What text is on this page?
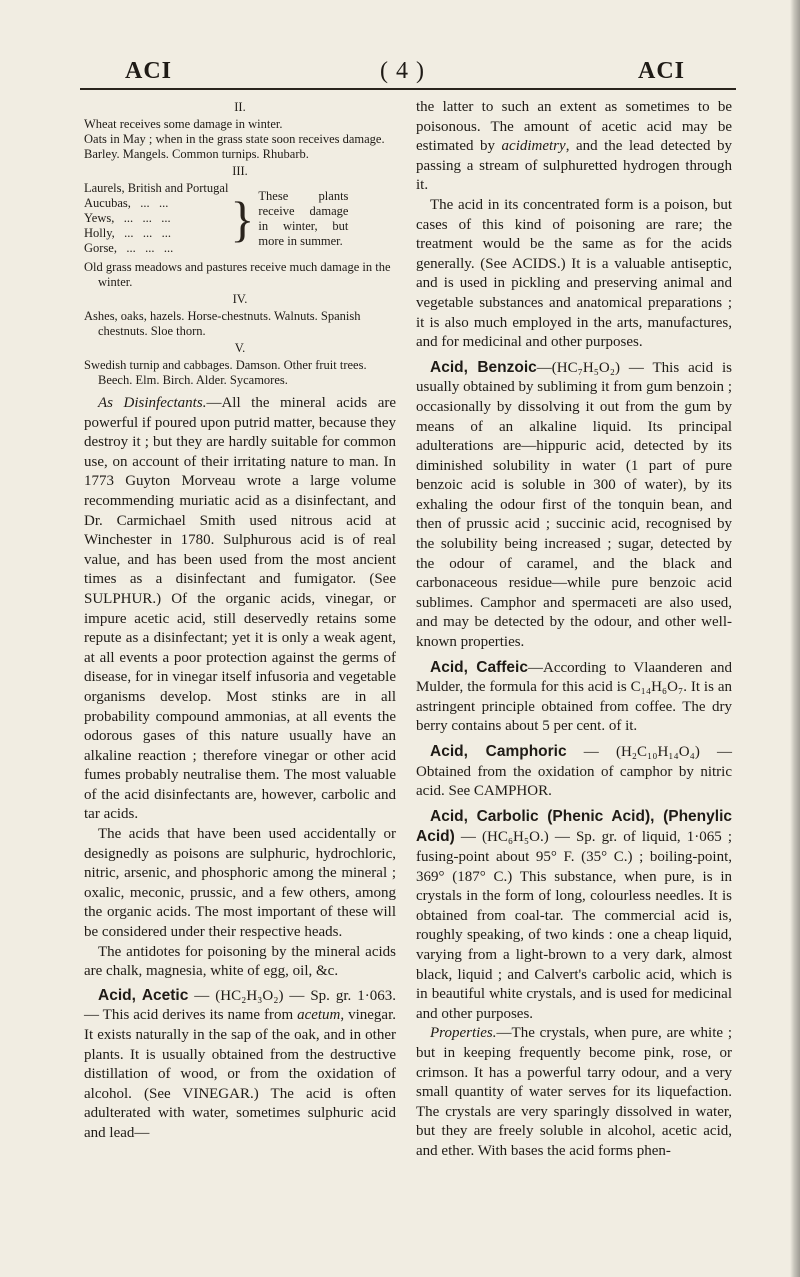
ACI	( 4 )	ACI

II.

Wheat receives some damage in winter.

Oats in May ; when in the grass state soon receives damage.

Barley. Mangels. Common turnips. Rhubarb.

III.

Laurels, British and Portugal
Aucubas,   ...   ...
Yews,   ...   ...   ...
Holly,   ...   ...   ...
Gorse,   ...   ...   ...
} These plants receive damage in winter, but more in summer.

Old grass meadows and pastures receive much damage in the winter.

IV.

Ashes, oaks, hazels. Horse-chestnuts. Walnuts. Spanish chestnuts. Sloe thorn.

V.

Swedish turnip and cabbages. Damson. Other fruit trees. Beech. Elm. Birch. Alder. Sycamores.

As Disinfectants.—All the mineral acids are powerful if poured upon putrid matter, because they destroy it ; but they are hardly suitable for common use, on account of their irritating nature to man. In 1773 Guyton Morveau wrote a large volume recommending muriatic acid as a disinfectant, and Dr. Carmichael Smith used nitrous acid at Winchester in 1780. Sulphurous acid is of real value, and has been used from the most ancient times as a disinfectant and fumigator. (See SULPHUR.) Of the organic acids, vinegar, or impure acetic acid, still deservedly retains some repute as a disinfectant; yet it is only a weak agent, at all events a poor protection against the germs of disease, for in vinegar itself infusoria and vegetable organisms develop. Most stinks are in all probability compound ammonias, at all events the odorous gases of this nature usually have an alkaline reaction ; therefore vinegar or other acid fumes probably neutralise them. The most valuable of the acid disinfectants are, however, carbolic and tar acids.

The acids that have been used accidentally or designedly as poisons are sulphuric, hydrochloric, nitric, arsenic, and phosphoric among the mineral ; oxalic, meconic, prussic, and a few others, among the organic acids. The most important of these will be considered under their respective heads.

The antidotes for poisoning by the mineral acids are chalk, magnesia, white of egg, oil, &c.

Acid, Acetic — (HC₂H₃O₂) — Sp. gr. 1·063. — This acid derives its name from acetum, vinegar. It exists naturally in the sap of the oak, and in other plants. It is usually obtained from the destructive distillation of wood, or from the oxidation of alcohol. (See VINEGAR.) The acid is often adulterated with water, sometimes sulphuric acid and lead—

the latter to such an extent as sometimes to be poisonous. The amount of acetic acid may be estimated by acidimetry, and the lead detected by passing a stream of sulphuretted hydrogen through it.

The acid in its concentrated form is a poison, but cases of this kind of poisoning are rare; the treatment would be the same as for the acids generally. (See ACIDS.) It is a valuable antiseptic, and is used in pickling and preserving animal and vegetable substances and anatomical preparations ; it is also much employed in the arts, manufactures, and for medicinal and other purposes.

Acid, Benzoic—(HC₇H₅O₂) — This acid is usually obtained by subliming it from gum benzoin ; occasionally by dissolving it out from the gum by means of an alkaline liquid. Its principal adulterations are—hippuric acid, detected by its diminished solubility in water (1 part of pure benzoic acid is soluble in 300 of water), by its exhaling the odour first of the tonquin bean, and then of prussic acid ; succinic acid, recognised by the solubility being increased ; sugar, detected by the odour of caramel, and the black and carbonaceous residue—while pure benzoic acid sublimes. Camphor and spermaceti are also used, and may be detected by the odour, and other well-known properties.

Acid, Caffeic—According to Vlaanderen and Mulder, the formula for this acid is C₁₄H₆O₇. It is an astringent principle obtained from coffee. The dry berry contains about 5 per cent. of it.

Acid, Camphoric — (H₂C₁₀H₁₄O₄) — Obtained from the oxidation of camphor by nitric acid. See CAMPHOR.

Acid, Carbolic (Phenic Acid), (Phenylic Acid) — (HC₆H₅O.) — Sp. gr. of liquid, 1·065 ; fusing-point about 95° F. (35° C.) ; boiling-point, 369° (187° C.) This substance, when pure, is in crystals in the form of long, colourless needles. It is obtained from coal-tar. The commercial acid is, roughly speaking, of two kinds : one a cheap liquid, varying from a light-brown to a very dark, almost black, liquid ; and Calvert's carbolic acid, which is in beautiful white crystals, and is used for medicinal and other purposes.

Properties.—The crystals, when pure, are white ; but in keeping frequently become pink, rose, or crimson. It has a powerful tarry odour, and a very small quantity of water serves for its liquefaction. The crystals are very sparingly dissolved in water, but they are freely soluble in alcohol, acetic acid, and ether. With bases the acid forms phen-
